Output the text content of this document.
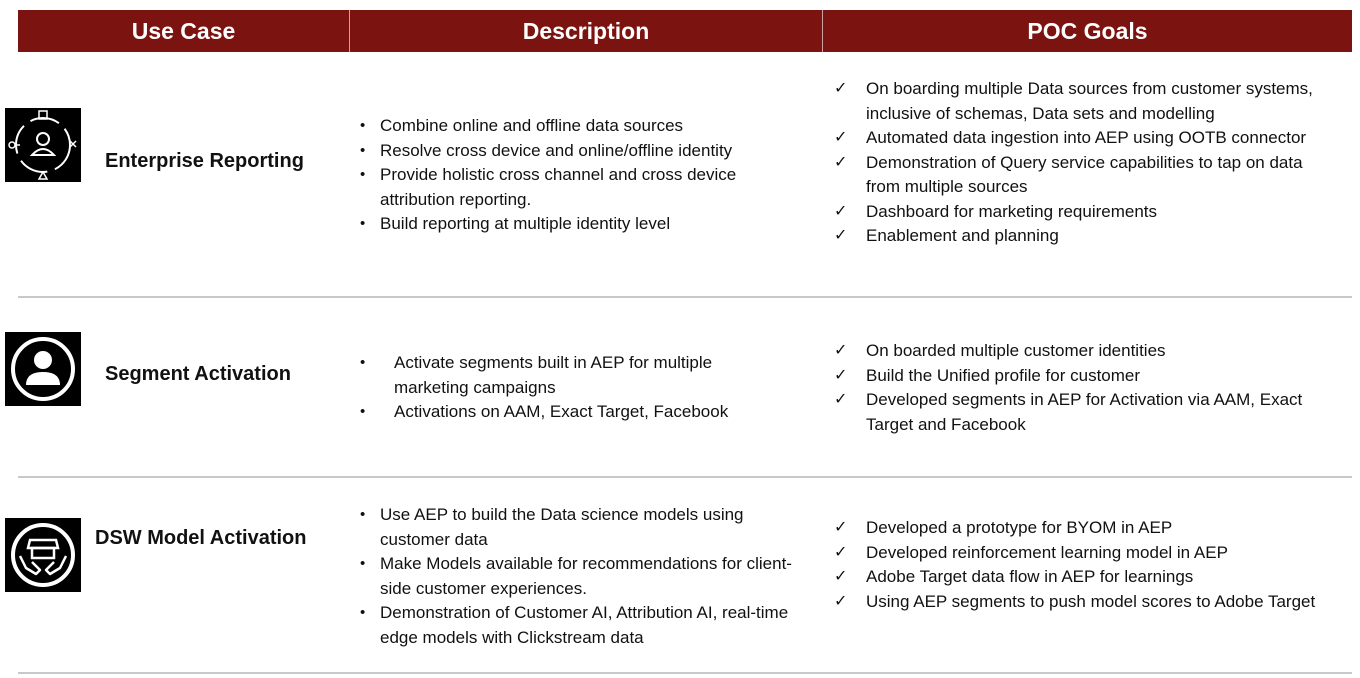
Use Case	Description	POC Goals
Enterprise Reporting
• Combine online and offline data sources
• Resolve cross device and online/offline identity
• Provide holistic cross channel and cross device attribution reporting.
• Build reporting at multiple identity level
✓ On boarding multiple Data sources from customer systems, inclusive of schemas, Data sets and modelling
✓ Automated data ingestion into AEP using OOTB connector
✓ Demonstration of Query service capabilities to tap on data from multiple sources
✓ Dashboard for marketing requirements
✓ Enablement and planning
Segment Activation
• Activate segments built in AEP for multiple marketing campaigns
• Activations on AAM, Exact Target, Facebook
✓ On boarded multiple customer identities
✓ Build the Unified profile for customer
✓ Developed segments in AEP for Activation via AAM, Exact Target and Facebook
DSW Model Activation
• Use AEP to build the Data science models using customer data
• Make Models available for recommendations for client-side customer experiences.
• Demonstration of Customer AI, Attribution AI, real-time edge models with Clickstream data
✓ Developed a prototype for BYOM in AEP
✓ Developed reinforcement learning model in AEP
✓ Adobe Target data flow in AEP for learnings
✓ Using AEP segments to push model scores to Adobe Target
